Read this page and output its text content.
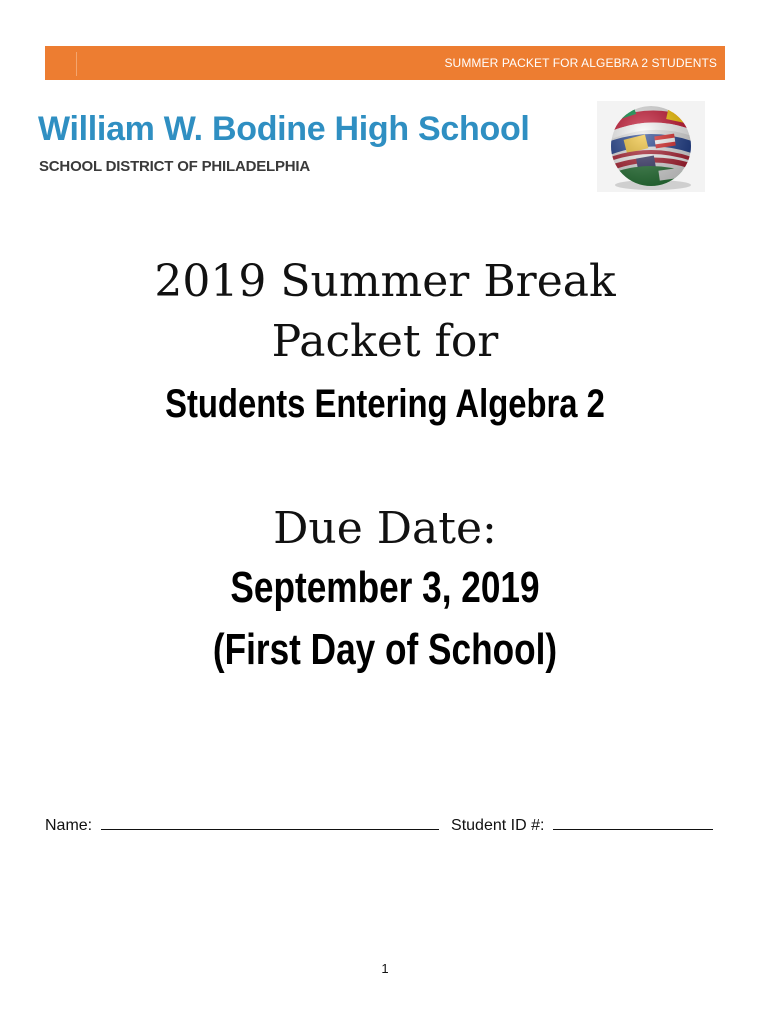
SUMMER PACKET FOR ALGEBRA 2 STUDENTS
William W. Bodine High School
SCHOOL DISTRICT OF PHILADELPHIA
2019 Summer Break
Packet for
Students Entering Algebra 2
Due Date:
September 3, 2019
(First Day of School)
Name:	Student ID #:
1
